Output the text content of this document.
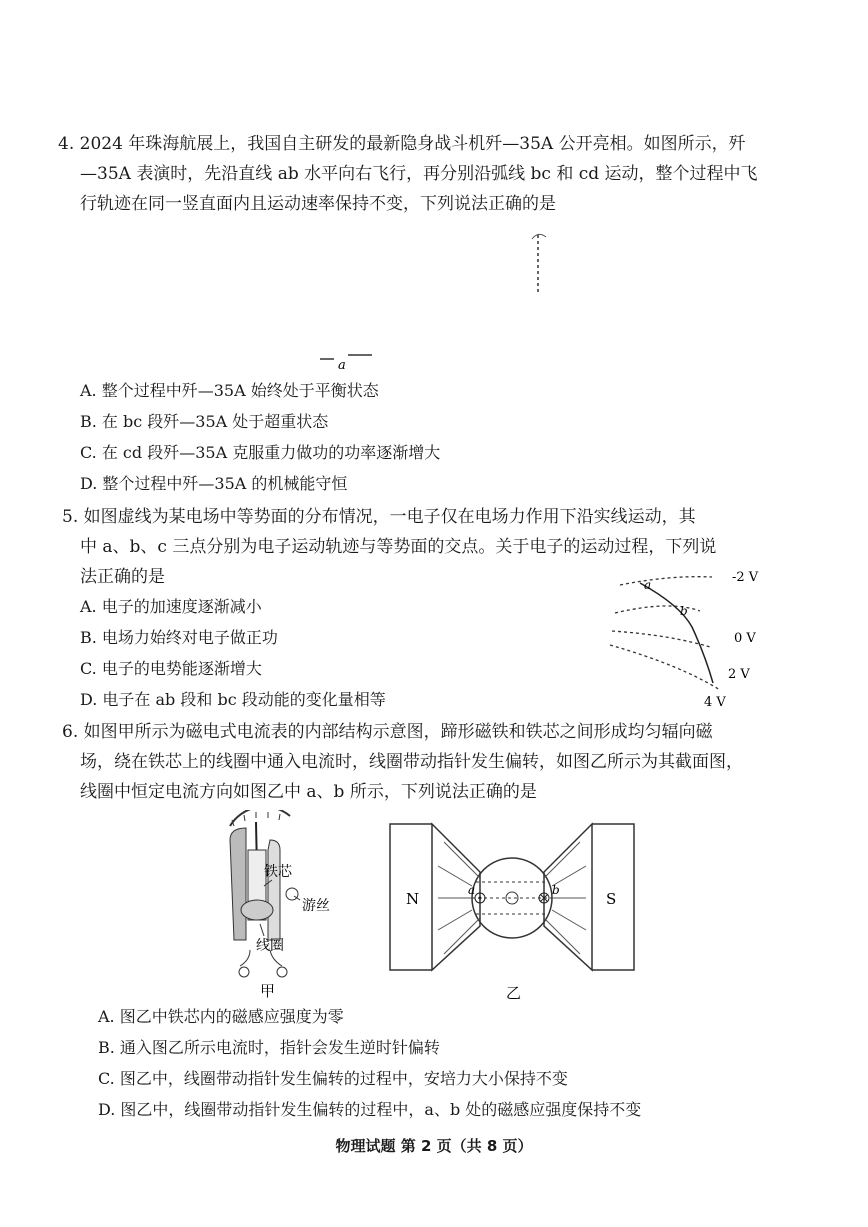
4. 2024 年珠海航展上，我国自主研发的最新隐身战斗机歼—35A 公开亮相。如图所示，歼
—35A 表演时，先沿直线 ab 水平向右飞行，再分别沿弧线 bc 和 cd 运动，整个过程中飞
行轨迹在同一竖直面内且运动速率保持不变，下列说法正确的是
a
A. 整个过程中歼—35A 始终处于平衡状态
B. 在 bc 段歼—35A 处于超重状态
C. 在 cd 段歼—35A 克服重力做功的功率逐渐增大
D. 整个过程中歼—35A 的机械能守恒
5. 如图虚线为某电场中等势面的分布情况，一电子仅在电场力作用下沿实线运动，其
中 a、b、c 三点分别为电子运动轨迹与等势面的交点。关于电子的运动过程，下列说
法正确的是
A. 电子的加速度逐渐减小
B. 电场力始终对电子做正功
C. 电子的电势能逐渐增大
D. 电子在 ab 段和 bc 段动能的变化量相等
a
b
-2 V
0 V
2 V
4 V
6. 如图甲所示为磁电式电流表的内部结构示意图，蹄形磁铁和铁芯之间形成均匀辐向磁
场，绕在铁芯上的线圈中通入电流时，线圈带动指针发生偏转，如图乙所示为其截面图，
线圈中恒定电流方向如图乙中 a、b 所示，下列说法正确的是
铁芯
游丝
线圈
甲
N	S
a	b
乙
A. 图乙中铁芯内的磁感应强度为零
B. 通入图乙所示电流时，指针会发生逆时针偏转
C. 图乙中，线圈带动指针发生偏转的过程中，安培力大小保持不变
D. 图乙中，线圈带动指针发生偏转的过程中，a、b 处的磁感应强度保持不变
物理试题 第 2 页（共 8 页）
